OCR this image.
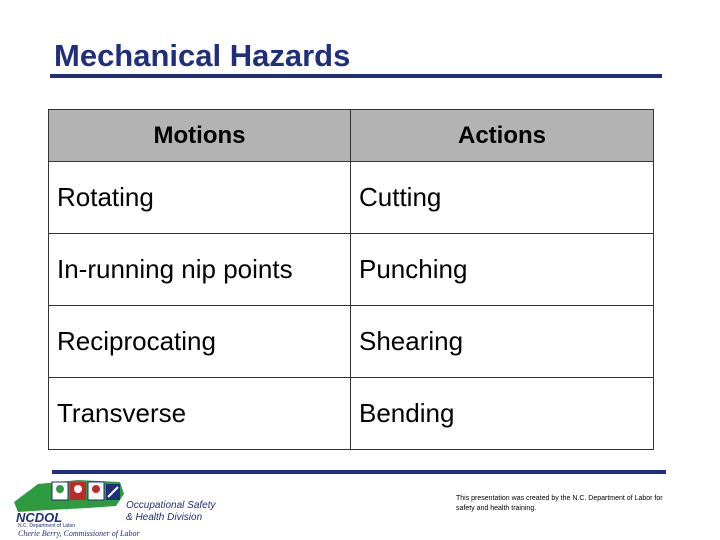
Mechanical Hazards
Motions	Actions
Rotating	Cutting
In-running nip points	Punching
Reciprocating	Shearing
Transverse	Bending
Occupational Safety
& Health Division
NCDOL
N.C. Department of Labor
Cherie Berry, Commissioner of Labor
This presentation was created by the N.C. Department of Labor for safety and health training.
